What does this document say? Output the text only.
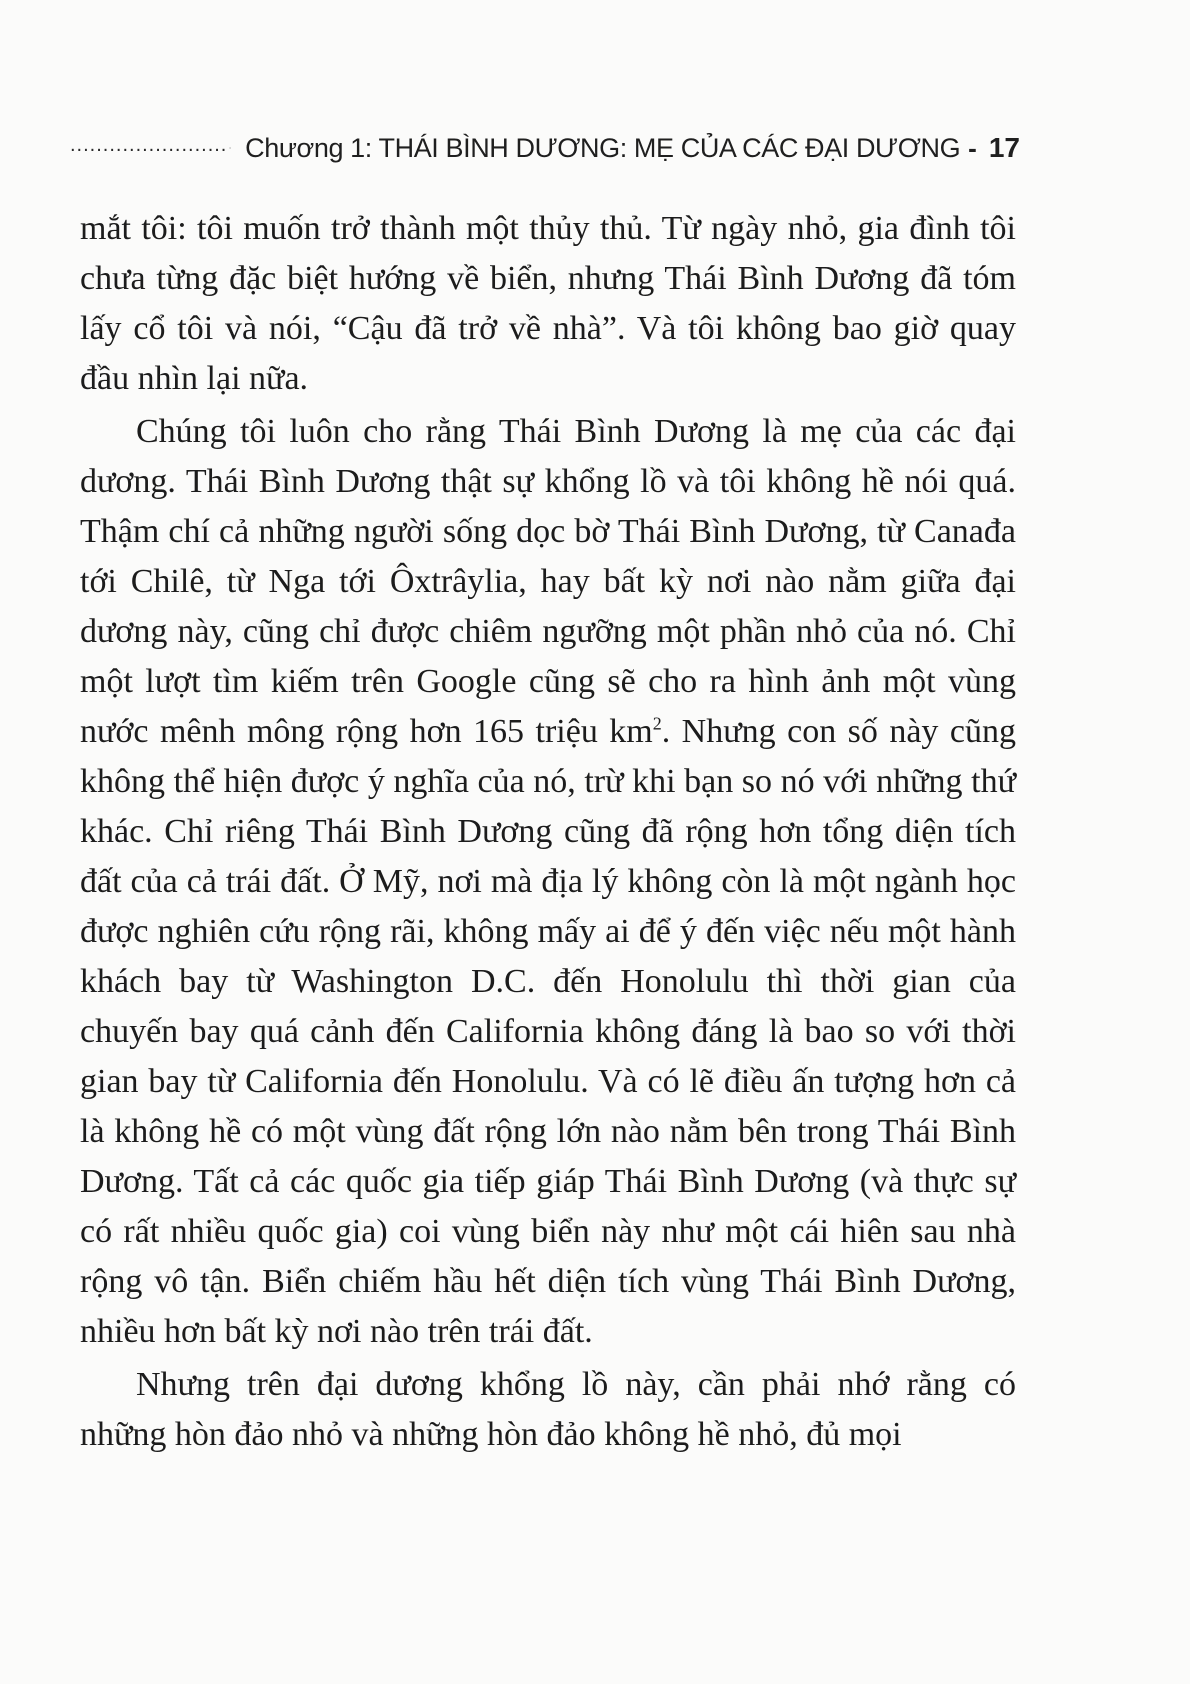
........................ Chương 1: THÁI BÌNH DƯƠNG: MẸ CỦA CÁC ĐẠI DƯƠNG - 17

mắt tôi: tôi muốn trở thành một thủy thủ. Từ ngày nhỏ, gia đình tôi chưa từng đặc biệt hướng về biển, nhưng Thái Bình Dương đã tóm lấy cổ tôi và nói, “Cậu đã trở về nhà”. Và tôi không bao giờ quay đầu nhìn lại nữa.

Chúng tôi luôn cho rằng Thái Bình Dương là mẹ của các đại dương. Thái Bình Dương thật sự khổng lồ và tôi không hề nói quá. Thậm chí cả những người sống dọc bờ Thái Bình Dương, từ Canađa tới Chilê, từ Nga tới Ôxtrâylia, hay bất kỳ nơi nào nằm giữa đại dương này, cũng chỉ được chiêm ngưỡng một phần nhỏ của nó. Chỉ một lượt tìm kiếm trên Google cũng sẽ cho ra hình ảnh một vùng nước mênh mông rộng hơn 165 triệu $km^2$. Nhưng con số này cũng không thể hiện được ý nghĩa của nó, trừ khi bạn so nó với những thứ khác. Chỉ riêng Thái Bình Dương cũng đã rộng hơn tổng diện tích đất của cả trái đất. Ở Mỹ, nơi mà địa lý không còn là một ngành học được nghiên cứu rộng rãi, không mấy ai để ý đến việc nếu một hành khách bay từ Washington D.C. đến Honolulu thì thời gian của chuyến bay quá cảnh đến California không đáng là bao so với thời gian bay từ California đến Honolulu. Và có lẽ điều ấn tượng hơn cả là không hề có một vùng đất rộng lớn nào nằm bên trong Thái Bình Dương. Tất cả các quốc gia tiếp giáp Thái Bình Dương (và thực sự có rất nhiều quốc gia) coi vùng biển này như một cái hiên sau nhà rộng vô tận. Biển chiếm hầu hết diện tích vùng Thái Bình Dương, nhiều hơn bất kỳ nơi nào trên trái đất.

Nhưng trên đại dương khổng lồ này, cần phải nhớ rằng có những hòn đảo nhỏ và những hòn đảo không hề nhỏ, đủ mọi
